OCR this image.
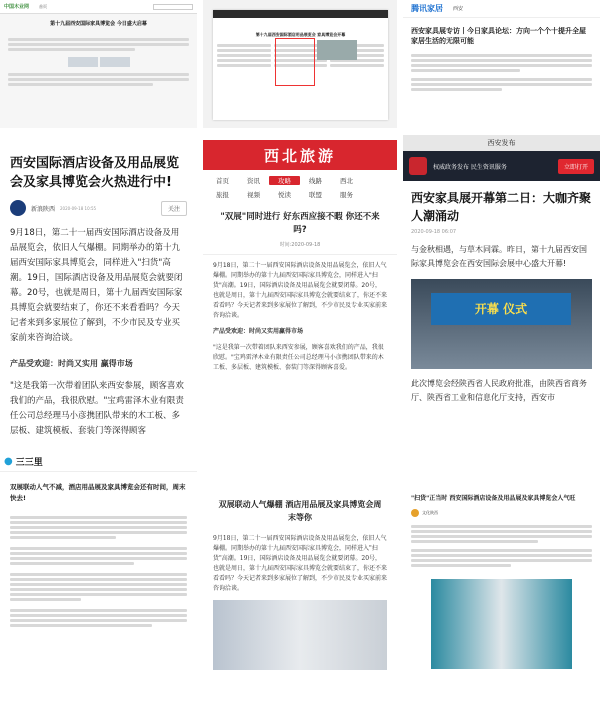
中国木业网	首页
第十九届西安国际家具博览会 今日盛大启幕
第十九届西安国际酒店用品展览会 家具博览会开幕
腾讯家居 西安
西安家具展专访丨今日家具论坛：方向一个个十提升全屋家居生活的无限可能
西安国际酒店设备及用品展览会及家具博览会火热进行中!
新浪陕西 2020-09-18 10:55	关注
9月18日，第二十一届西安国际酒店设备及用品展览会，依旧人气爆棚。同期举办的第十九届西安国际家具博览会，同样进入"扫货"高潮。19日，国际酒店设备及用品展览会就要闭幕。20号，也就是周日，第十九届西安国际家具博览会就要结束了，你还不来看看吗？今天记者来到多家展位了解到，不少市民及专业买家前来咨询洽谈。
产品受欢迎：时尚又实用 赢得市场
"这是我第一次带着团队来西安参展，顾客喜欢我们的产品，我很欣慰。"宝鸡雷泽木业有限责任公司总经理马小彦携团队带来的木工板、多层板、建筑模板、套装门等深得顾客
西北旅游
首页	资讯	攻略	线路	西北
旅报	视频	悦读	联盟	服务
"双展"同时进行 好东西应接不暇 你还不来吗?
时间:2020-09-18
9月18日，第二十一届西安国际酒店设备及用品展览会，依旧人气爆棚。同期举办的第十九届西安国际家具博览会，同样进入"扫货"高潮。19日，国际酒店设备及用品展览会就要闭幕。20号，也就是周日，第十九届西安国际家具博览会就要结束了，你还不来看看吗？今天记者来到多家展位了解到，不少市民及专业买家前来咨询洽谈。
产品受欢迎：时尚又实用赢得市场
"这是我第一次带着团队来西安参展，顾客喜欢我们的产品，我很欣慰。"宝鸡雷泽木业有限责任公司总经理马小彦携团队带来的木工板、多层板、建筑模板、套装门等深得顾客喜爱。
西安发布
权威政务发布 民生资讯服务	立即打开
西安家具展开幕第二日：大咖齐聚 人潮涌动
2020-09-18 06:07
与金秋相遇，与草木同霖。昨日，第十九届西安国际家具博览会在西安国际会展中心盛大开幕!
开幕 仪式
此次博览会经陕西省人民政府批准，由陕西省商务厅、陕西省工业和信息化厅支持，西安市
● 三三里
双展联动人气不减，酒店用品展及家具博览会还有时间，周末快去!
双展联动人气爆棚 酒店用品展及家具博览会周末等你
9月18日，第二十一届西安国际酒店设备及用品展览会，依旧人气爆棚。同期举办的第十九届西安国际家具博览会，同样进入"扫货"高潮。19日，国际酒店设备及用品展览会就要闭幕。20号，也就是周日，第十九届西安国际家具博览会就要结束了，你还不来看看吗？今天记者来到多家展位了解到，不少市民及专业买家前来咨询洽谈。
"扫货"正当时 西安国际酒店设备及用品展及家具博览会人气旺
文化陕西
